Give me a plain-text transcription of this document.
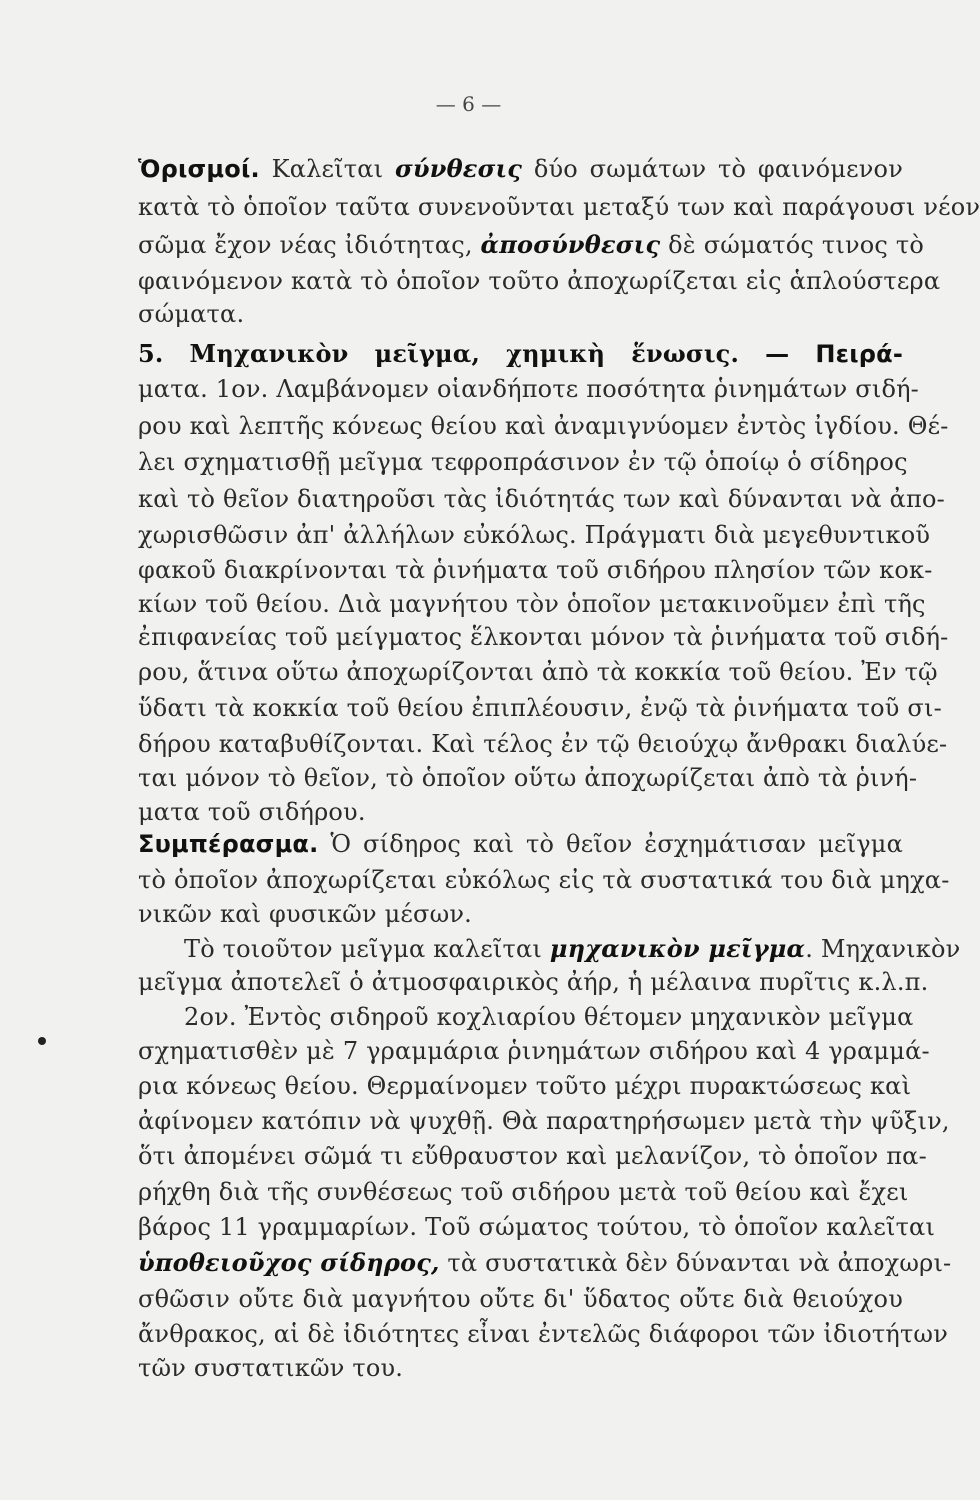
— 6 —
Ὁρισμοί. Καλεῖται σύνθεσις δύο σωμάτων τὸ φαινόμενον
κατὰ τὸ ὁποῖον ταῦτα συνενοῦνται μεταξύ των καὶ παράγουσι νέον
σῶμα ἔχον νέας ἰδιότητας, ἀποσύνθεσις δὲ σώματός τινος τὸ
φαινόμενον κατὰ τὸ ὁποῖον τοῦτο ἀποχωρίζεται εἰς ἁπλούστερα
σώματα.
5. Μηχανικὸν μεῖγμα, χημικὴ ἕνωσις. — Πειρά-
ματα. 1ον. Λαμβάνομεν οἱανδήποτε ποσότητα ῥινημάτων σιδή-
ρου καὶ λεπτῆς κόνεως θείου καὶ ἀναμιγνύομεν ἐντὸς ἰγδίου. Θέ-
λει σχηματισθῇ μεῖγμα τεφροπράσινον ἐν τῷ ὁποίῳ ὁ σίδηρος
καὶ τὸ θεῖον διατηροῦσι τὰς ἰδιότητάς των καὶ δύνανται νὰ ἀπο-
χωρισθῶσιν ἀπ' ἀλλήλων εὐκόλως. Πράγματι διὰ μεγεθυντικοῦ
φακοῦ διακρίνονται τὰ ῥινήματα τοῦ σιδήρου πλησίον τῶν κοκ-
κίων τοῦ θείου. Διὰ μαγνήτου τὸν ὁποῖον μετακινοῦμεν ἐπὶ τῆς
ἐπιφανείας τοῦ μείγματος ἕλκονται μόνον τὰ ῥινήματα τοῦ σιδή-
ρου, ἅτινα οὕτω ἀποχωρίζονται ἀπὸ τὰ κοκκία τοῦ θείου. Ἐν τῷ
ὕδατι τὰ κοκκία τοῦ θείου ἐπιπλέουσιν, ἐνῷ τὰ ῥινήματα τοῦ σι-
δήρου καταβυθίζονται. Καὶ τέλος ἐν τῷ θειούχῳ ἄνθρακι διαλύε-
ται μόνον τὸ θεῖον, τὸ ὁποῖον οὕτω ἀποχωρίζεται ἀπὸ τὰ ῥινή-
ματα τοῦ σιδήρου.
Συμπέρασμα. Ὁ σίδηρος καὶ τὸ θεῖον ἐσχημάτισαν μεῖγμα
τὸ ὁποῖον ἀποχωρίζεται εὐκόλως εἰς τὰ συστατικά του διὰ μηχα-
νικῶν καὶ φυσικῶν μέσων.
Τὸ τοιοῦτον μεῖγμα καλεῖται μηχανικὸν μεῖγμα. Μηχανικὸν
μεῖγμα ἀποτελεῖ ὁ ἀτμοσφαιρικὸς ἀήρ, ἡ μέλαινα πυρῖτις κ.λ.π.
2ον. Ἐντὸς σιδηροῦ κοχλιαρίου θέτομεν μηχανικὸν μεῖγμα
σχηματισθὲν μὲ 7 γραμμάρια ῥινημάτων σιδήρου καὶ 4 γραμμά-
ρια κόνεως θείου. Θερμαίνομεν τοῦτο μέχρι πυρακτώσεως καὶ
ἀφίνομεν κατόπιν νὰ ψυχθῇ. Θὰ παρατηρήσωμεν μετὰ τὴν ψῦξιν,
ὅτι ἀπομένει σῶμά τι εὔθραυστον καὶ μελανίζον, τὸ ὁποῖον πα-
ρήχθη διὰ τῆς συνθέσεως τοῦ σιδήρου μετὰ τοῦ θείου καὶ ἔχει
βάρος 11 γραμμαρίων. Τοῦ σώματος τούτου, τὸ ὁποῖον καλεῖται
ὑποθειοῦχος σίδηρος, τὰ συστατικὰ δὲν δύνανται νὰ ἀποχωρι-
σθῶσιν οὔτε διὰ μαγνήτου οὔτε δι' ὕδατος οὔτε διὰ θειούχου
ἄνθρακος, αἱ δὲ ἰδιότητες εἶναι ἐντελῶς διάφοροι τῶν ἰδιοτήτων
τῶν συστατικῶν του.
